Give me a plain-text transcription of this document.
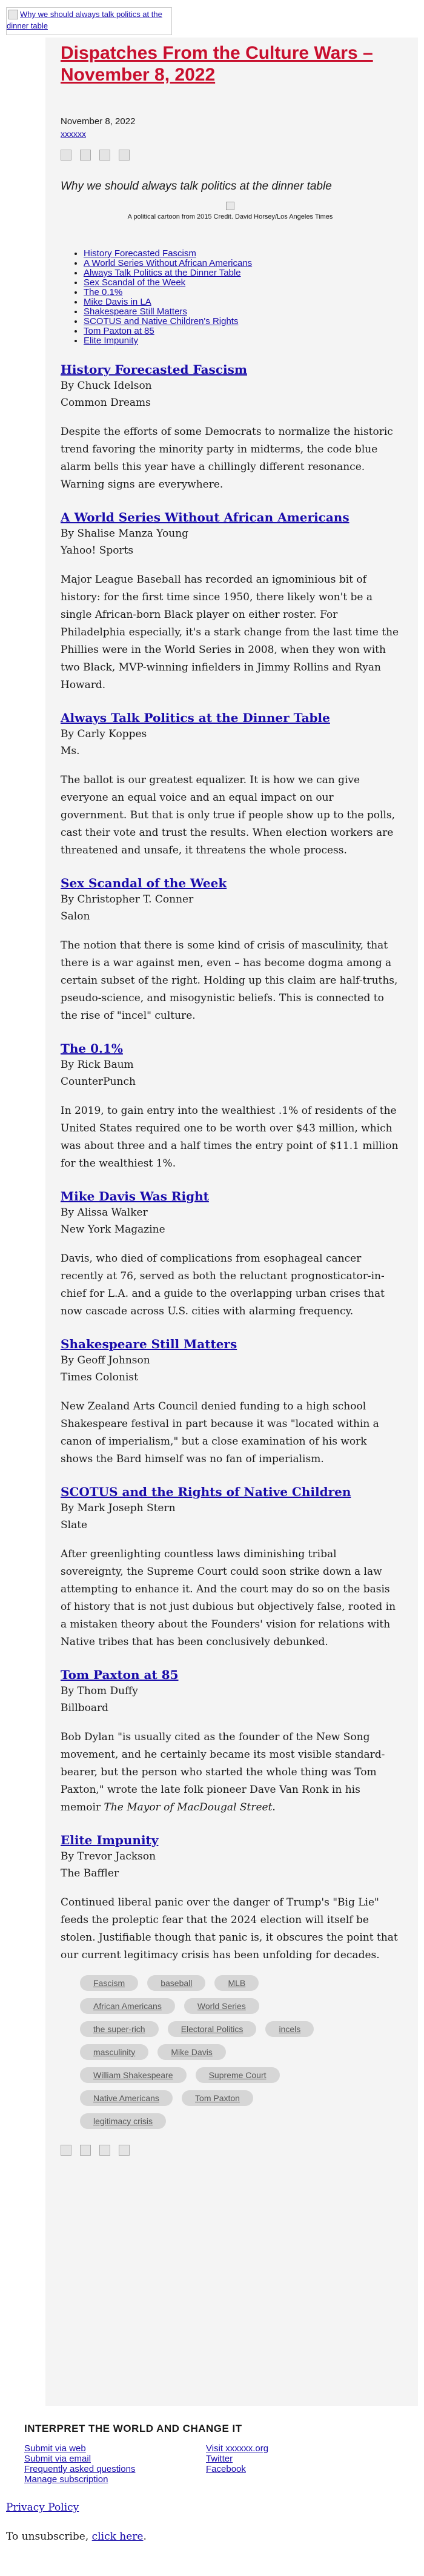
Why we should always talk politics at the dinner table
Dispatches From the Culture Wars – November 8, 2022
November 8, 2022
xxxxxx
Why we should always talk politics at the dinner table

A political cartoon from 2015 Credit. David Horsey/Los Angeles Times
• History Forecasted Fascism
• A World Series Without African Americans
• Always Talk Politics at the Dinner Table
• Sex Scandal of the Week
• The 0.1%
• Mike Davis in LA
• Shakespeare Still Matters
• SCOTUS and Native Children's Rights
• Tom Paxton at 85
• Elite Impunity
History Forecasted Fascism
By Chuck Idelson
Common Dreams

Despite the efforts of some Democrats to normalize the historic trend favoring the minority party in midterms, the code blue alarm bells this year have a chillingly different resonance. Warning signs are everywhere.

A World Series Without African Americans
By Shalise Manza Young
Yahoo! Sports

Major League Baseball has recorded an ignominious bit of history: for the first time since 1950, there likely won't be a single African-born Black player on either roster. For Philadelphia especially, it's a stark change from the last time the Phillies were in the World Series in 2008, when they won with two Black, MVP-winning infielders in Jimmy Rollins and Ryan Howard.

Always Talk Politics at the Dinner Table
By Carly Koppes
Ms.

The ballot is our greatest equalizer. It is how we can give everyone an equal voice and an equal impact on our government. But that is only true if people show up to the polls, cast their vote and trust the results. When election workers are threatened and unsafe, it threatens the whole process.

Sex Scandal of the Week
By Christopher T. Conner
Salon

The notion that there is some kind of crisis of masculinity, that there is a war against men, even – has become dogma among a certain subset of the right. Holding up this claim are half-truths, pseudo-science, and misogynistic beliefs. This is connected to the rise of "incel" culture.

The 0.1%
By Rick Baum
CounterPunch

In 2019, to gain entry into the wealthiest .1% of residents of the United States required one to be worth over $43 million, which was about three and a half times the entry point of $11.1 million for the wealthiest 1%.

Mike Davis Was Right
By Alissa Walker
New York Magazine

Davis, who died of complications from esophageal cancer recently at 76, served as both the reluctant prognosticator-in-chief for L.A. and a guide to the overlapping urban crises that now cascade across U.S. cities with alarming frequency.

Shakespeare Still Matters
By Geoff Johnson
Times Colonist

New Zealand Arts Council denied funding to a high school Shakespeare festival in part because it was "located within a canon of imperialism," but a close examination of his work shows the Bard himself was no fan of imperialism.

SCOTUS and the Rights of Native Children
By Mark Joseph Stern
Slate

After greenlighting countless laws diminishing tribal sovereignty, the Supreme Court could soon strike down a law attempting to enhance it. And the court may do so on the basis of history that is not just dubious but objectively false, rooted in a mistaken theory about the Founders' vision for relations with Native tribes that has been conclusively debunked.

Tom Paxton at 85
By Thom Duffy
Billboard

Bob Dylan "is usually cited as the founder of the New Song movement, and he certainly became its most visible standard-bearer, but the person who started the whole thing was Tom Paxton," wrote the late folk pioneer Dave Van Ronk in his memoir The Mayor of MacDougal Street.

Elite Impunity
By Trevor Jackson
The Baffler

Continued liberal panic over the danger of Trump's "Big Lie" feeds the proleptic fear that the 2024 election will itself be stolen. Justifiable though that panic is, it obscures the point that our current legitimacy crisis has been unfolding for decades.

Fascism	baseball	MLB African Americans	World Series the super-rich	Electoral Politics	incels masculinity	Mike Davis William Shakespeare	Supreme Court Native Americans	Tom Paxton legitimacy crisis
INTERPRET THE WORLD AND CHANGE IT
Submit via web
Submit via email
Frequently asked questions
Manage subscription
Visit xxxxxx.org
Twitter
Facebook

Privacy Policy

To unsubscribe, click here.
